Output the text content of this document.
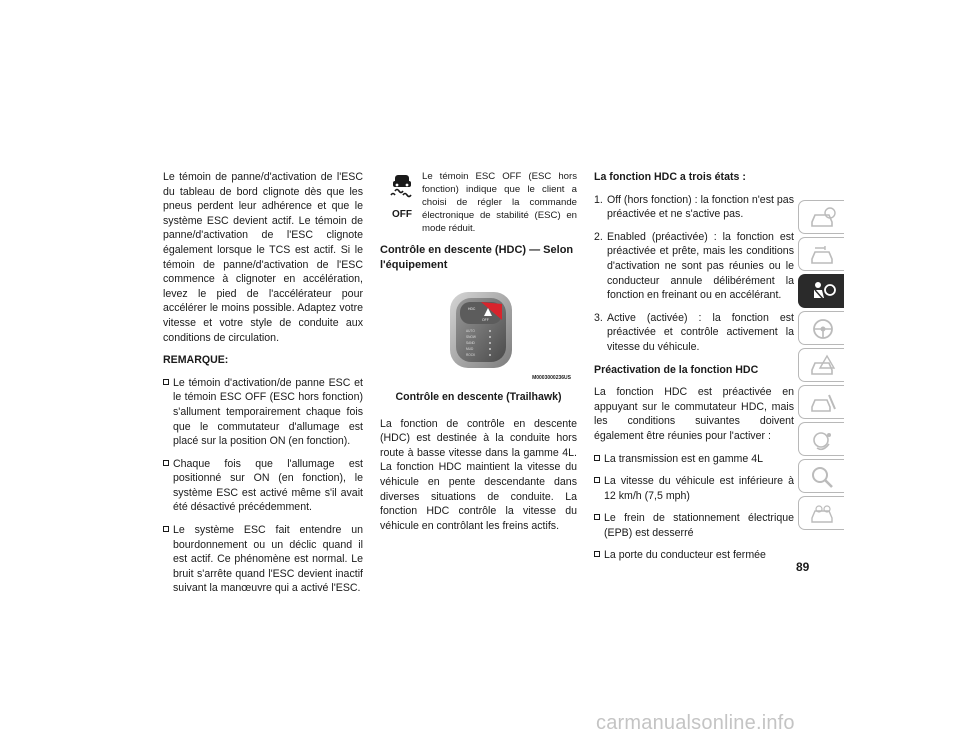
Le témoin de panne/d'activation de l'ESC du tableau de bord clignote dès que les pneus perdent leur adhérence et que le système ESC devient actif. Le témoin de panne/d'activation de l'ESC clignote également lorsque le TCS est actif. Si le témoin de panne/d'activation de l'ESC commence à clignoter en accélération, levez le pied de l'accélérateur pour accélérer le moins possible. Adaptez votre vitesse et votre style de conduite aux conditions de circulation.

REMARQUE:

Le témoin d'activation/de panne ESC et le témoin ESC OFF (ESC hors fonction) s'allument temporairement chaque fois que le commutateur d'allumage est placé sur la position ON (en fonction).
Chaque fois que l'allumage est positionné sur ON (en fonction), le système ESC est activé même s'il avait été désactivé précédemment.
Le système ESC fait entendre un bourdonnement ou un déclic quand il est actif. Ce phénomène est normal. Le bruit s'arrête quand l'ESC devient inactif suivant la manœuvre qui a activé l'ESC.
OFF
Le témoin ESC OFF (ESC hors fonction) indique que le client a choisi de régler la commande électronique de stabilité (ESC) en mode réduit.
Contrôle en descente (HDC) — Selon l'équipement
HDC
OFF
AUTO
SNOW
SAND
MUD
ROCK
M0003000236US
Contrôle en descente (Trailhawk)

La fonction de contrôle en descente (HDC) est destinée à la conduite hors route à basse vitesse dans la gamme 4L. La fonction HDC maintient la vitesse du véhicule en pente descendante dans diverses situations de conduite. La fonction HDC contrôle la vitesse du véhicule en contrôlant les freins actifs.

La fonction HDC a trois états :

1. Off (hors fonction) : la fonction n'est pas préactivée et ne s'active pas.
2. Enabled (préactivée) : la fonction est préactivée et prête, mais les conditions d'activation ne sont pas réunies ou le conducteur annule délibérément la fonction en freinant ou en accélérant.
3. Active (activée) : la fonction est préactivée et contrôle activement la vitesse du véhicule.

Préactivation de la fonction HDC

La fonction HDC est préactivée en appuyant sur le commutateur HDC, mais les conditions suivantes doivent également être réunies pour l'activer :

La transmission est en gamme 4L
La vitesse du véhicule est inférieure à 12 km/h (7,5 mph)
Le frein de stationnement électrique (EPB) est desserré
La porte du conducteur est fermée
89
carmanualsonline.info
